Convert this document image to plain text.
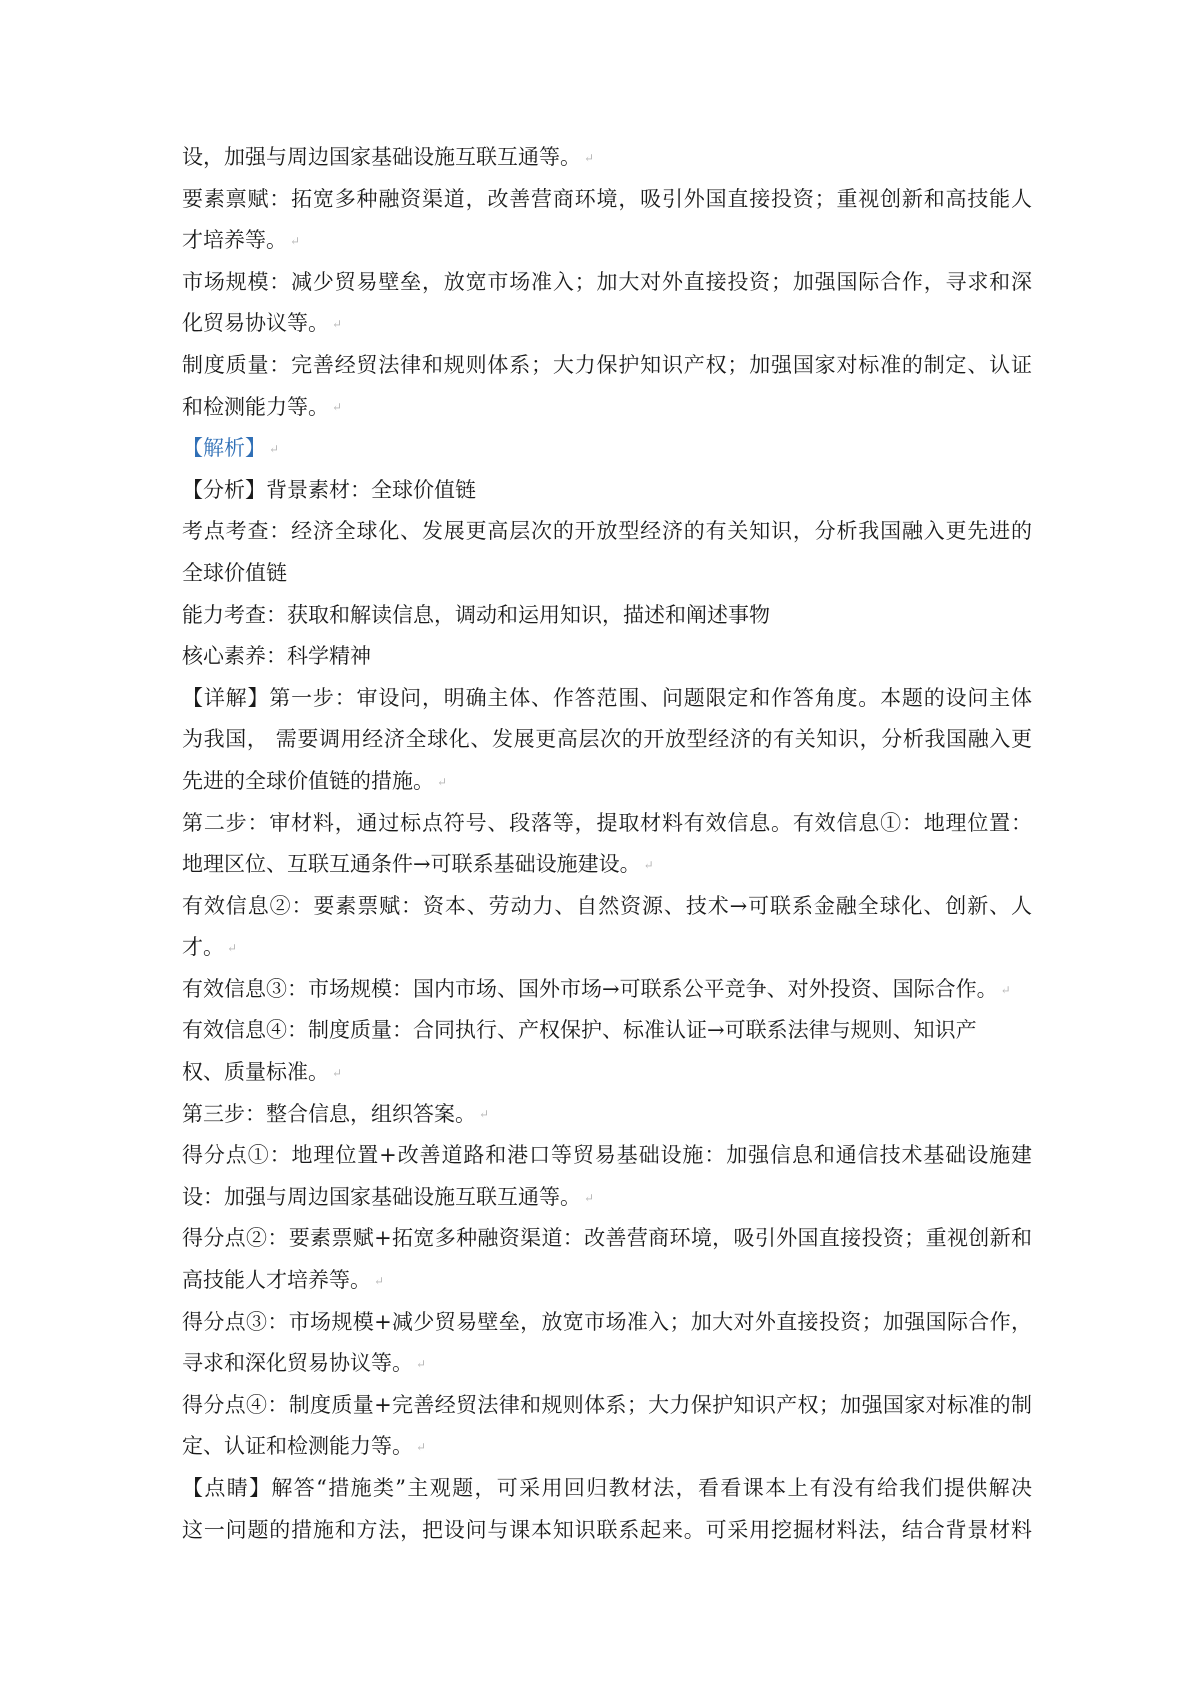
设，加强与周边国家基础设施互联互通等。 ↵
要素禀赋：拓宽多种融资渠道，改善营商环境，吸引外国直接投资；重视创新和高技能人
才培养等。 ↵
市场规模：减少贸易壁垒，放宽市场准入；加大对外直接投资；加强国际合作，寻求和深
化贸易协议等。 ↵
制度质量：完善经贸法律和规则体系；大力保护知识产权；加强国家对标准的制定、认证
和检测能力等。 ↵
【解析】 ↵
【分析】背景素材：全球价值链
考点考查：经济全球化、发展更高层次的开放型经济的有关知识，分析我国融入更先进的
全球价值链
能力考查：获取和解读信息，调动和运用知识，描述和阐述事物
核心素养：科学精神
【详解】第一步：审设问，明确主体、作答范围、问题限定和作答角度。本题的设问主体
为我国， 需要调用经济全球化、发展更高层次的开放型经济的有关知识，分析我国融入更
先进的全球价值链的措施。 ↵
第二步：审材料，通过标点符号、段落等，提取材料有效信息。有效信息①：地理位置：
地理区位、互联互通条件→可联系基础设施建设。 ↵
有效信息②：要素票赋：资本、劳动力、自然资源、技术→可联系金融全球化、创新、人
才。 ↵
有效信息③：市场规模：国内市场、国外市场→可联系公平竞争、对外投资、国际合作。 ↵
有效信息④：制度质量：合同执行、产权保护、标准认证→可联系法律与规则、知识产
权、质量标准。 ↵
第三步：整合信息，组织答案。 ↵
得分点①：地理位置+改善道路和港口等贸易基础设施：加强信息和通信技术基础设施建
设：加强与周边国家基础设施互联互通等。 ↵
得分点②：要素票赋+拓宽多种融资渠道：改善营商环境，吸引外国直接投资；重视创新和
高技能人才培养等。 ↵
得分点③：市场规模+减少贸易壁垒，放宽市场准入；加大对外直接投资；加强国际合作，
寻求和深化贸易协议等。 ↵
得分点④：制度质量+完善经贸法律和规则体系；大力保护知识产权；加强国家对标准的制
定、认证和检测能力等。 ↵
【点睛】解答“措施类”主观题，可采用回归教材法，看看课本上有没有给我们提供解决
这一问题的措施和方法，把设问与课本知识联系起来。可采用挖掘材料法，结合背景材料
